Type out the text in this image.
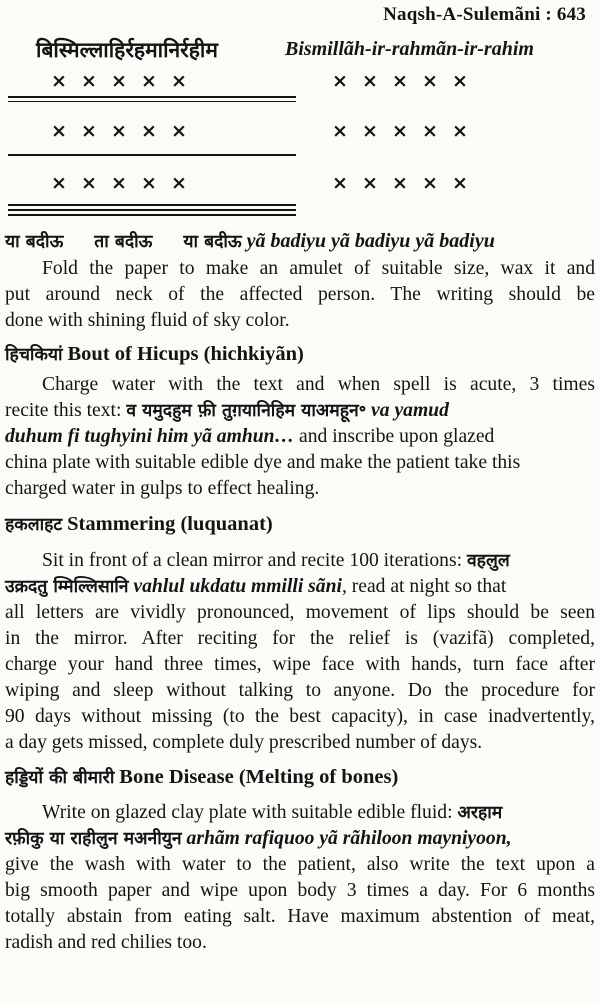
Naqsh-A-Sulemãni : 643
बिस्मिल्लाहिर्रहमानिर्रहीम	Bismillãh-ir-rahmãn-ir-rahim
× × × × ×	× × × × ×
× × × × ×	× × × × ×
× × × × ×	× × × × ×
या बदीऊ ता बदीऊ या बदीऊ yã badiyu yã badiyu yã badiyu
Fold the paper to make an amulet of suitable size, wax it and
put around neck of the affected person. The writing should be
done with shining fluid of sky color.
हिचकियां Bout of Hicups (hichkiyãn)
Charge water with the text and when spell is acute, 3 times
recite this text: व यमुदहुम फ़ी तुग़यानिहिम याअमहून॰ va yamud
duhum fi tughyini him yã amhun… and inscribe upon glazed
china plate with suitable edible dye and make the patient take this
charged water in gulps to effect healing.
हकलाहट Stammering (luquanat)
Sit in front of a clean mirror and recite 100 iterations: वहलुल
उक्रदतु म्मिल्लिसानि vahlul ukdatu mmilli sãni, read at night so that
all letters are vividly pronounced, movement of lips should be seen
in the mirror. After reciting for the relief is (vazifã) completed,
charge your hand three times, wipe face with hands, turn face after
wiping and sleep without talking to anyone. Do the procedure for
90 days without missing (to the best capacity), in case inadvertently,
a day gets missed, complete duly prescribed number of days.
हड्डियों की बीमारी Bone Disease (Melting of bones)
Write on glazed clay plate with suitable edible fluid: अरहाम
रफ़ीकु या राहीलुन मअनीयुन arhãm rafiquoo yã rãhiloon mayniyoon,
give the wash with water to the patient, also write the text upon a
big smooth paper and wipe upon body 3 times a day. For 6 months
totally abstain from eating salt. Have maximum abstention of meat,
radish and red chilies too.
